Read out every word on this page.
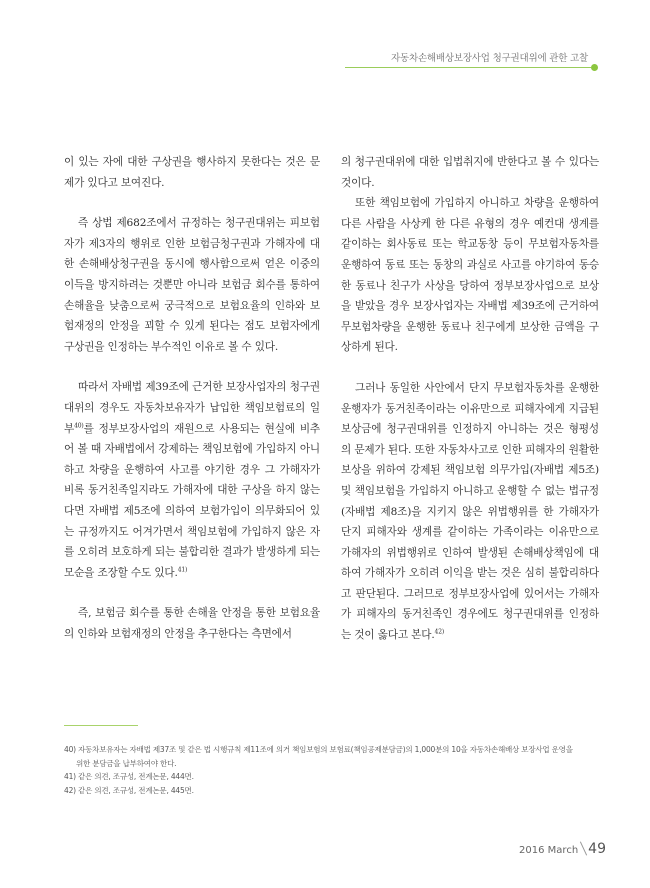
자동차손해배상보장사업 청구권대위에 관한 고찰

이 있는 자에 대한 구상권을 행사하지 못한다는 것은 문제가 있다고 보여진다.

즉 상법 제682조에서 규정하는 청구권대위는 피보험자가 제3자의 행위로 인한 보험금청구권과 가해자에 대한 손해배상청구권을 동시에 행사함으로써 얻은 이중의 이득을 방지하려는 것뿐만 아니라 보험금 회수를 통하여 손해율을 낮춤으로써 궁극적으로 보험요율의 인하와 보험재정의 안정을 꾀할 수 있게 된다는 점도 보험자에게 구상권을 인정하는 부수적인 이유로 볼 수 있다.

따라서 자배법 제39조에 근거한 보장사업자의 청구권대위의 경우도 자동차보유자가 납입한 책임보험료의 일부$^{40)}$를 정부보장사업의 재원으로 사용되는 현실에 비추어 볼 때 자배법에서 강제하는 책임보험에 가입하지 아니하고 차량을 운행하여 사고를 야기한 경우 그 가해자가 비록 동거친족일지라도 가해자에 대한 구상을 하지 않는다면 자배법 제5조에 의하여 보험가입이 의무화되어 있는 규정까지도 어겨가면서 책임보험에 가입하지 않은 자를 오히려 보호하게 되는 불합리한 결과가 발생하게 되는 모순을 조장할 수도 있다.$^{41)}$

즉, 보험금 회수를 통한 손해율 안정을 통한 보험요율의 인하와 보험재정의 안정을 추구한다는 측면에서

의 청구권대위에 대한 입법취지에 반한다고 볼 수 있다는 것이다.

또한 책임보험에 가입하지 아니하고 차량을 운행하여 다른 사람을 사상케 한 다른 유형의 경우 예컨대 생계를 같이하는 회사동료 또는 학교동창 등이 무보험자동차를 운행하여 동료 또는 동창의 과실로 사고를 야기하여 동승한 동료나 친구가 사상을 당하여 정부보장사업으로 보상을 받았을 경우 보장사업자는 자배법 제39조에 근거하여 무보험차량을 운행한 동료나 친구에게 보상한 금액을 구상하게 된다.

그러나 동일한 사안에서 단지 무보험자동차를 운행한 운행자가 동거친족이라는 이유만으로 피해자에게 지급된 보상금에 청구권대위를 인정하지 아니하는 것은 형평성의 문제가 된다. 또한 자동차사고로 인한 피해자의 원활한 보상을 위하여 강제된 책임보험 의무가입(자배법 제5조) 및 책임보험을 가입하지 아니하고 운행할 수 없는 법규정(자배법 제8조)을 지키지 않은 위법행위를 한 가해자가 단지 피해자와 생계를 같이하는 가족이라는 이유만으로 가해자의 위법행위로 인하여 발생된 손해배상책임에 대하여 가해자가 오히려 이익을 받는 것은 심히 불합리하다고 판단된다. 그러므로 정부보장사업에 있어서는 가해자가 피해자의 동거친족인 경우에도 청구권대위를 인정하는 것이 옳다고 본다.$^{42)}$

40) 자동차보유자는 자배법 제37조 및 같은 법 시행규칙 제11조에 의거 책임보험의 보험료(책임공제분담금)의 1,000분의 10을 자동차손해배상 보장사업 운영을

위한 분담금을 납부하여야 한다.

41) 같은 의견, 조규성, 전계논문, 444면.

42) 같은 의견, 조규성, 전계논문, 445면.

2016 March 49
